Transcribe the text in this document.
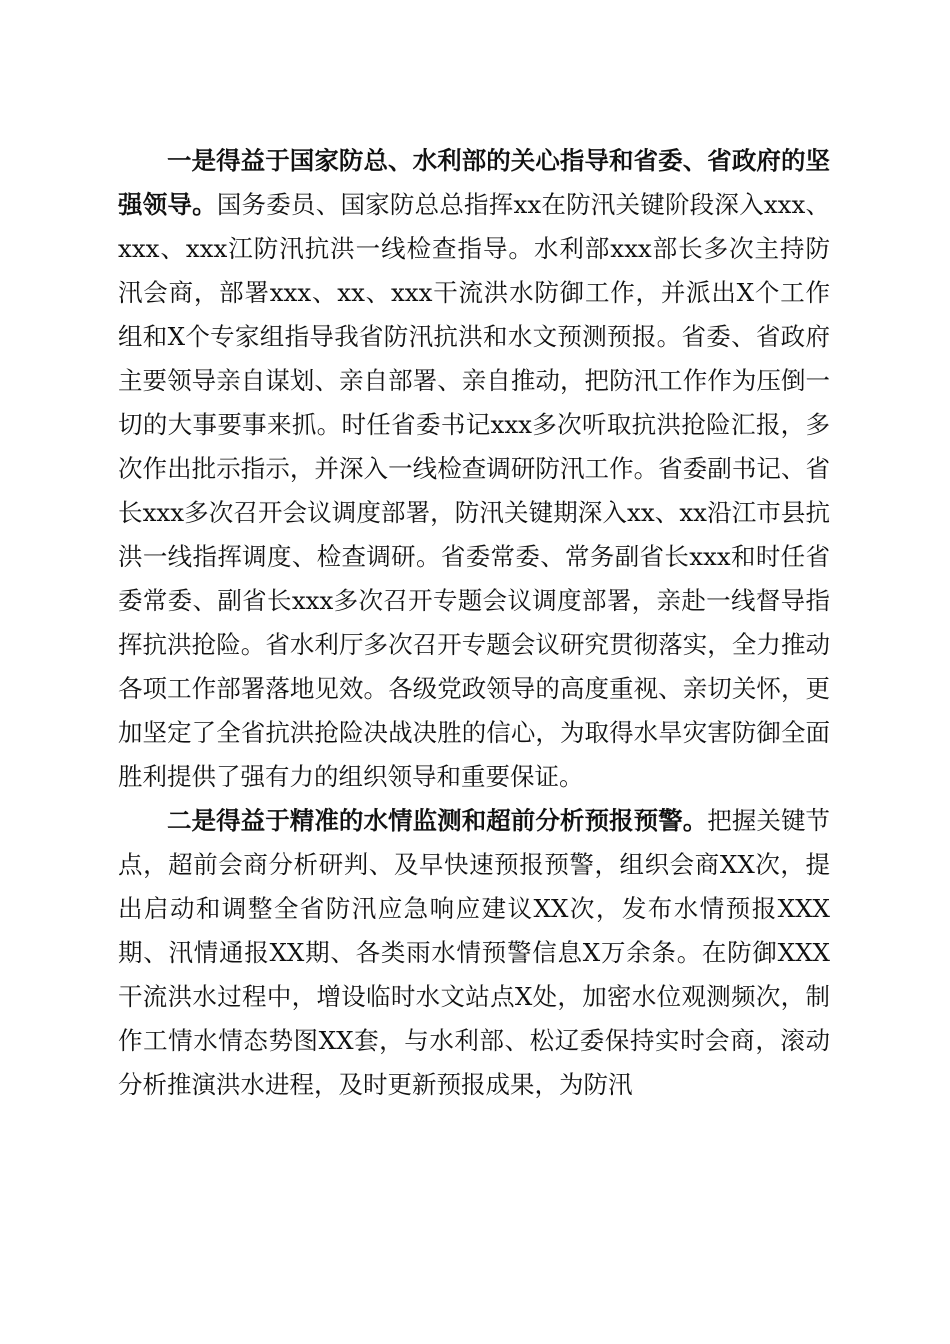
一是得益于国家防总、水利部的关心指导和省委、省政府的坚强领导。国务委员、国家防总总指挥xx在防汛关键阶段深入xxx、xxx、xxx江防汛抗洪一线检查指导。水利部xxx部长多次主持防汛会商，部署xxx、xx、xxx干流洪水防御工作，并派出X个工作组和X个专家组指导我省防汛抗洪和水文预测预报。省委、省政府主要领导亲自谋划、亲自部署、亲自推动，把防汛工作作为压倒一切的大事要事来抓。时任省委书记xxx多次听取抗洪抢险汇报，多次作出批示指示，并深入一线检查调研防汛工作。省委副书记、省长xxx多次召开会议调度部署，防汛关键期深入xx、xx沿江市县抗洪一线指挥调度、检查调研。省委常委、常务副省长xxx和时任省委常委、副省长xxx多次召开专题会议调度部署，亲赴一线督导指挥抗洪抢险。省水利厅多次召开专题会议研究贯彻落实，全力推动各项工作部署落地见效。各级党政领导的高度重视、亲切关怀，更加坚定了全省抗洪抢险决战决胜的信心，为取得水旱灾害防御全面胜利提供了强有力的组织领导和重要保证。

二是得益于精准的水情监测和超前分析预报预警。把握关键节点，超前会商分析研判、及早快速预报预警，组织会商XX次，提出启动和调整全省防汛应急响应建议XX次，发布水情预报XXX期、汛情通报XX期、各类雨水情预警信息X万余条。在防御XXX干流洪水过程中，增设临时水文站点X处，加密水位观测频次，制作工情水情态势图XX套，与水利部、松辽委保持实时会商，滚动分析推演洪水进程，及时更新预报成果，为防汛
